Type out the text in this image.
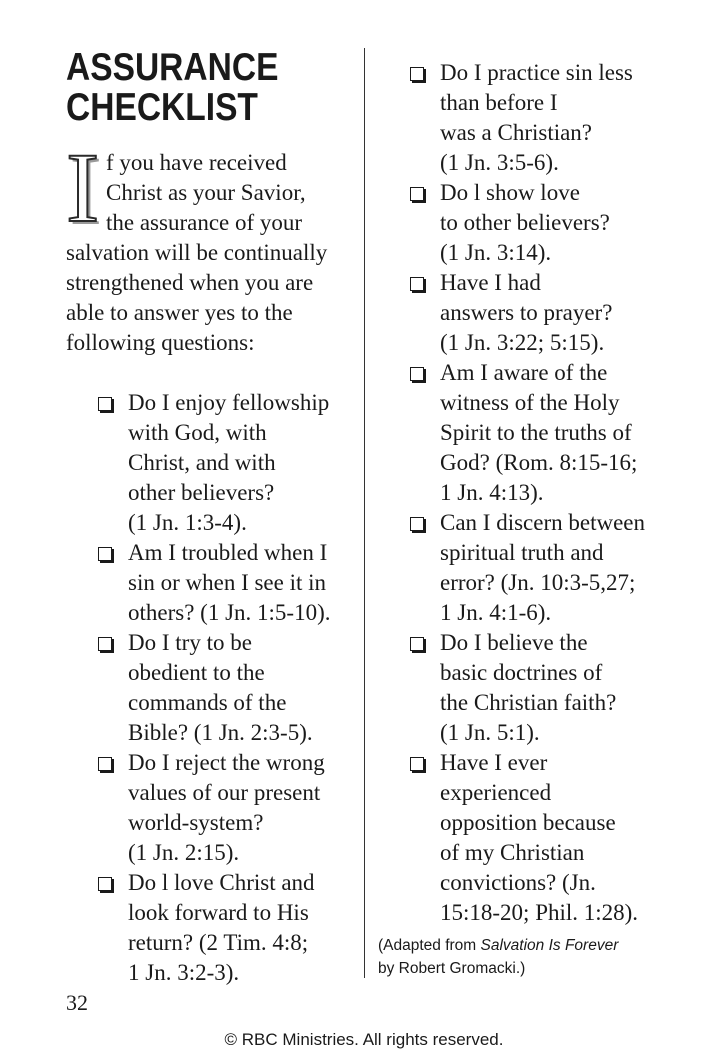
ASSURANCE
CHECKLIST
I f you have received
Christ as your Savior,
the assurance of your
salvation will be continually
strengthened when you are
able to answer yes to the
following questions:
Do I enjoy fellowship
with God, with
Christ, and with
other believers?
(1 Jn. 1:3-4).
Am I troubled when I
sin or when I see it in
others? (1 Jn. 1:5-10).
Do I try to be
obedient to the
commands of the
Bible? (1 Jn. 2:3-5).
Do I reject the wrong
values of our present
world-system?
(1 Jn. 2:15).
Do l love Christ and
look forward to His
return? (2 Tim. 4:8;
1 Jn. 3:2-3).
Do I practice sin less
than before I
was a Christian?
(1 Jn. 3:5-6).
Do l show love
to other believers?
(1 Jn. 3:14).
Have I had
answers to prayer?
(1 Jn. 3:22; 5:15).
Am I aware of the
witness of the Holy
Spirit to the truths of
God? (Rom. 8:15-16;
1 Jn. 4:13).
Can I discern between
spiritual truth and
error? (Jn. 10:3-5,27;
1 Jn. 4:1-6).
Do I believe the
basic doctrines of
the Christian faith?
(1 Jn. 5:1).
Have I ever
experienced
opposition because
of my Christian
convictions? (Jn.
15:18-20; Phil. 1:28).
(Adapted from Salvation Is Forever
by Robert Gromacki.)
32
© RBC Ministries. All rights reserved.
